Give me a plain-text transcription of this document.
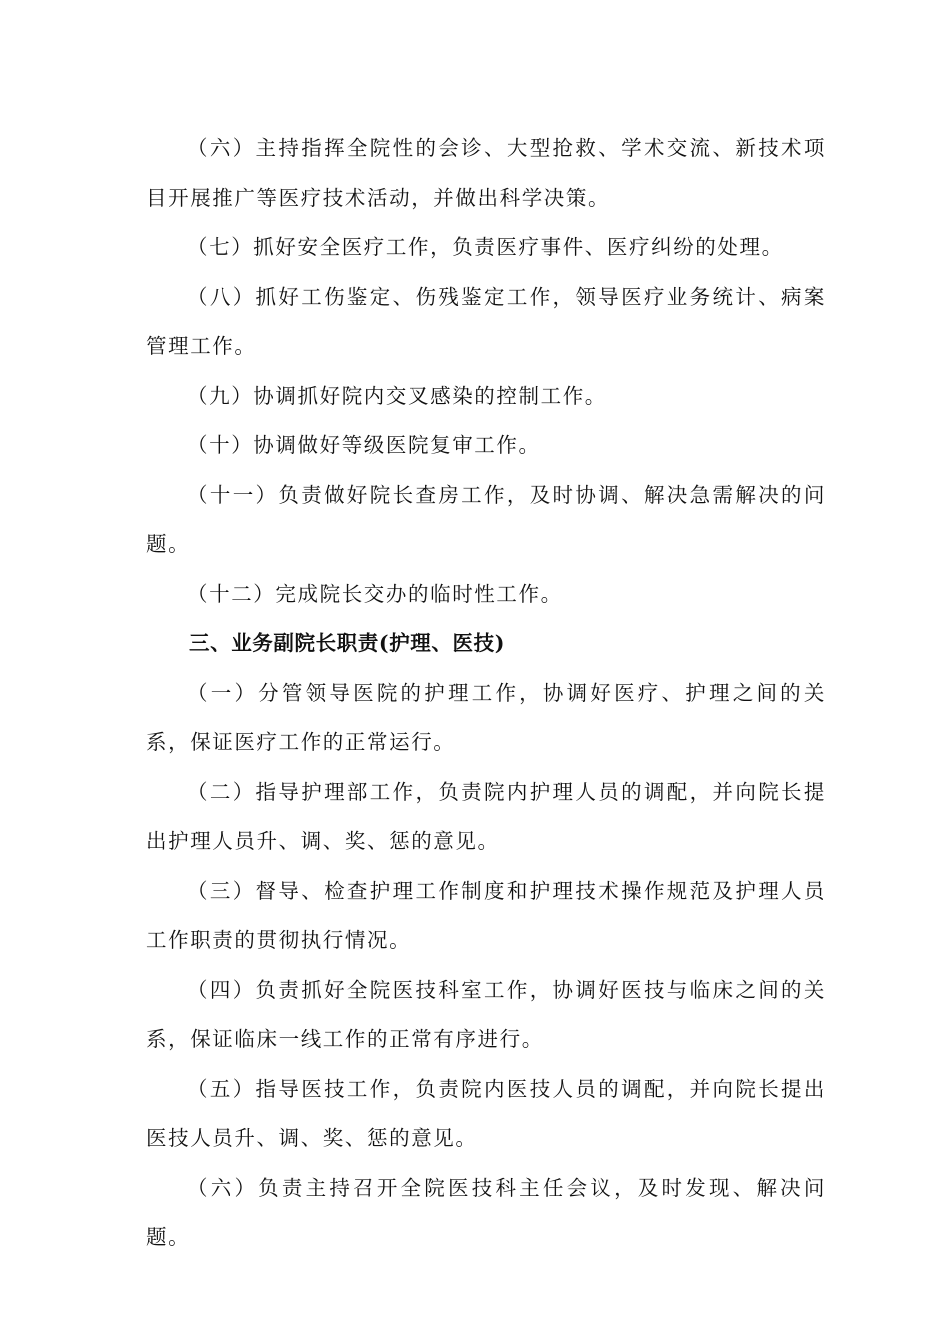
（六）主持指挥全院性的会诊、大型抢救、学术交流、新技术项目开展推广等医疗技术活动，并做出科学决策。

（七）抓好安全医疗工作，负责医疗事件、医疗纠纷的处理。

（八）抓好工伤鉴定、伤残鉴定工作，领导医疗业务统计、病案管理工作。

（九）协调抓好院内交叉感染的控制工作。

（十）协调做好等级医院复审工作。

（十一）负责做好院长查房工作，及时协调、解决急需解决的问题。

（十二）完成院长交办的临时性工作。

三、业务副院长职责(护理、医技)

（一）分管领导医院的护理工作，协调好医疗、护理之间的关系，保证医疗工作的正常运行。

（二）指导护理部工作，负责院内护理人员的调配，并向院长提出护理人员升、调、奖、惩的意见。

（三）督导、检查护理工作制度和护理技术操作规范及护理人员工作职责的贯彻执行情况。

（四）负责抓好全院医技科室工作，协调好医技与临床之间的关系，保证临床一线工作的正常有序进行。

（五）指导医技工作，负责院内医技人员的调配，并向院长提出医技人员升、调、奖、惩的意见。

（六）负责主持召开全院医技科主任会议，及时发现、解决问题。
